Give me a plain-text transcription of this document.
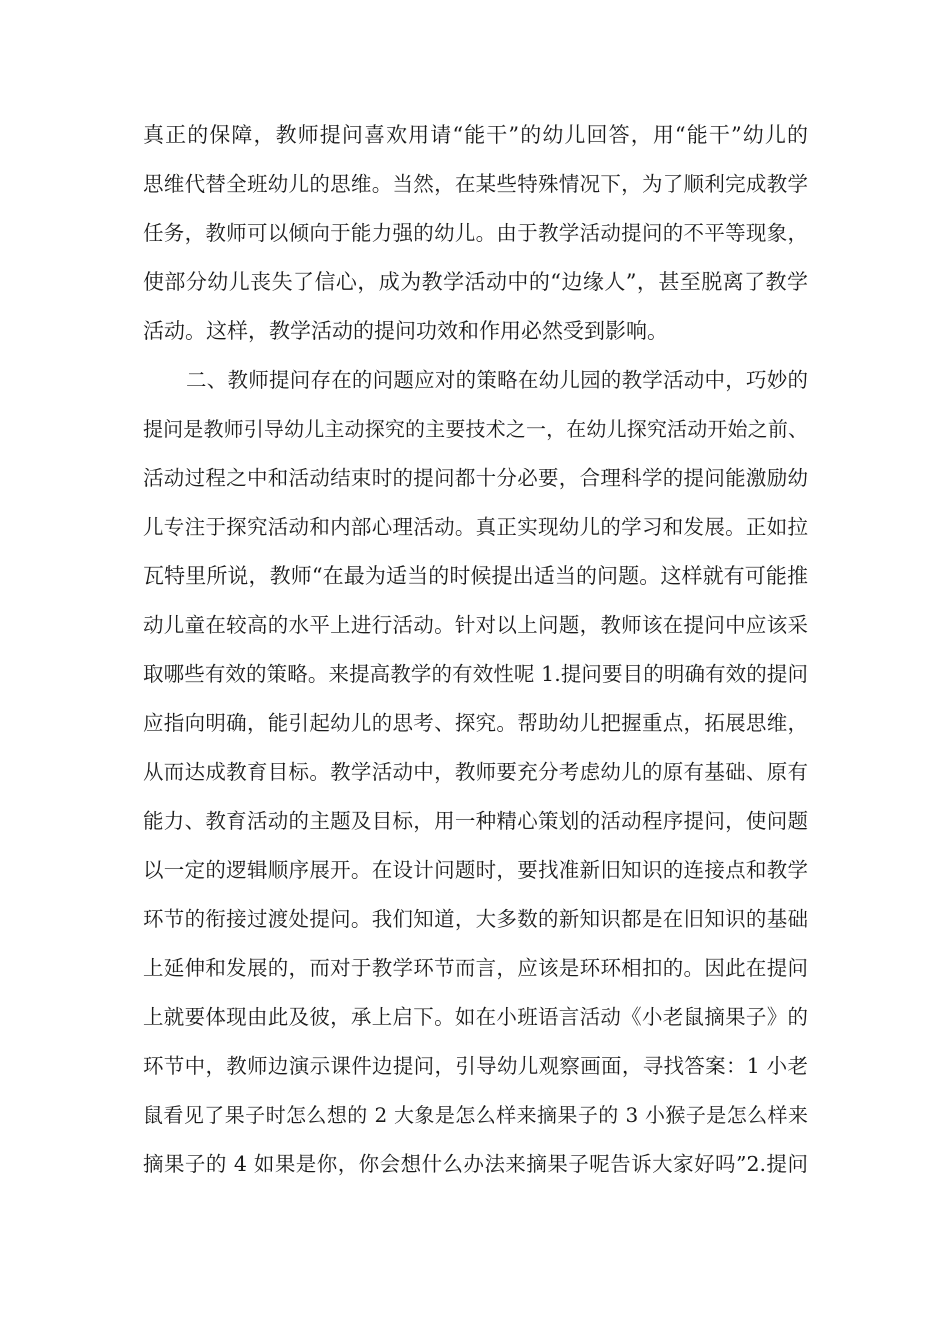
真正的保障，教师提问喜欢用请“能干”的幼儿回答，用“能干”幼儿的
思维代替全班幼儿的思维。当然，在某些特殊情况下，为了顺利完成教学
任务，教师可以倾向于能力强的幼儿。由于教学活动提问的不平等现象，
使部分幼儿丧失了信心，成为教学活动中的“边缘人”，甚至脱离了教学
活动。这样，教学活动的提问功效和作用必然受到影响。
二、教师提问存在的问题应对的策略在幼儿园的教学活动中，巧妙的
提问是教师引导幼儿主动探究的主要技术之一，在幼儿探究活动开始之前、
活动过程之中和活动结束时的提问都十分必要，合理科学的提问能激励幼
儿专注于探究活动和内部心理活动。真正实现幼儿的学习和发展。正如拉
瓦特里所说，教师“在最为适当的时候提出适当的问题。这样就有可能推
动儿童在较高的水平上进行活动。针对以上问题，教师该在提问中应该采
取哪些有效的策略。来提高教学的有效性呢 1.提问要目的明确有效的提问
应指向明确，能引起幼儿的思考、探究。帮助幼儿把握重点，拓展思维，
从而达成教育目标。教学活动中，教师要充分考虑幼儿的原有基础、原有
能力、教育活动的主题及目标，用一种精心策划的活动程序提问，使问题
以一定的逻辑顺序展开。在设计问题时，要找准新旧知识的连接点和教学
环节的衔接过渡处提问。我们知道，大多数的新知识都是在旧知识的基础
上延伸和发展的，而对于教学环节而言，应该是环环相扣的。因此在提问
上就要体现由此及彼，承上启下。如在小班语言活动《小老鼠摘果子》的
环节中，教师边演示课件边提问，引导幼儿观察画面，寻找答案：1 小老
鼠看见了果子时怎么想的 2 大象是怎么样来摘果子的 3 小猴子是怎么样来
摘果子的 4 如果是你，你会想什么办法来摘果子呢告诉大家好吗”2.提问
